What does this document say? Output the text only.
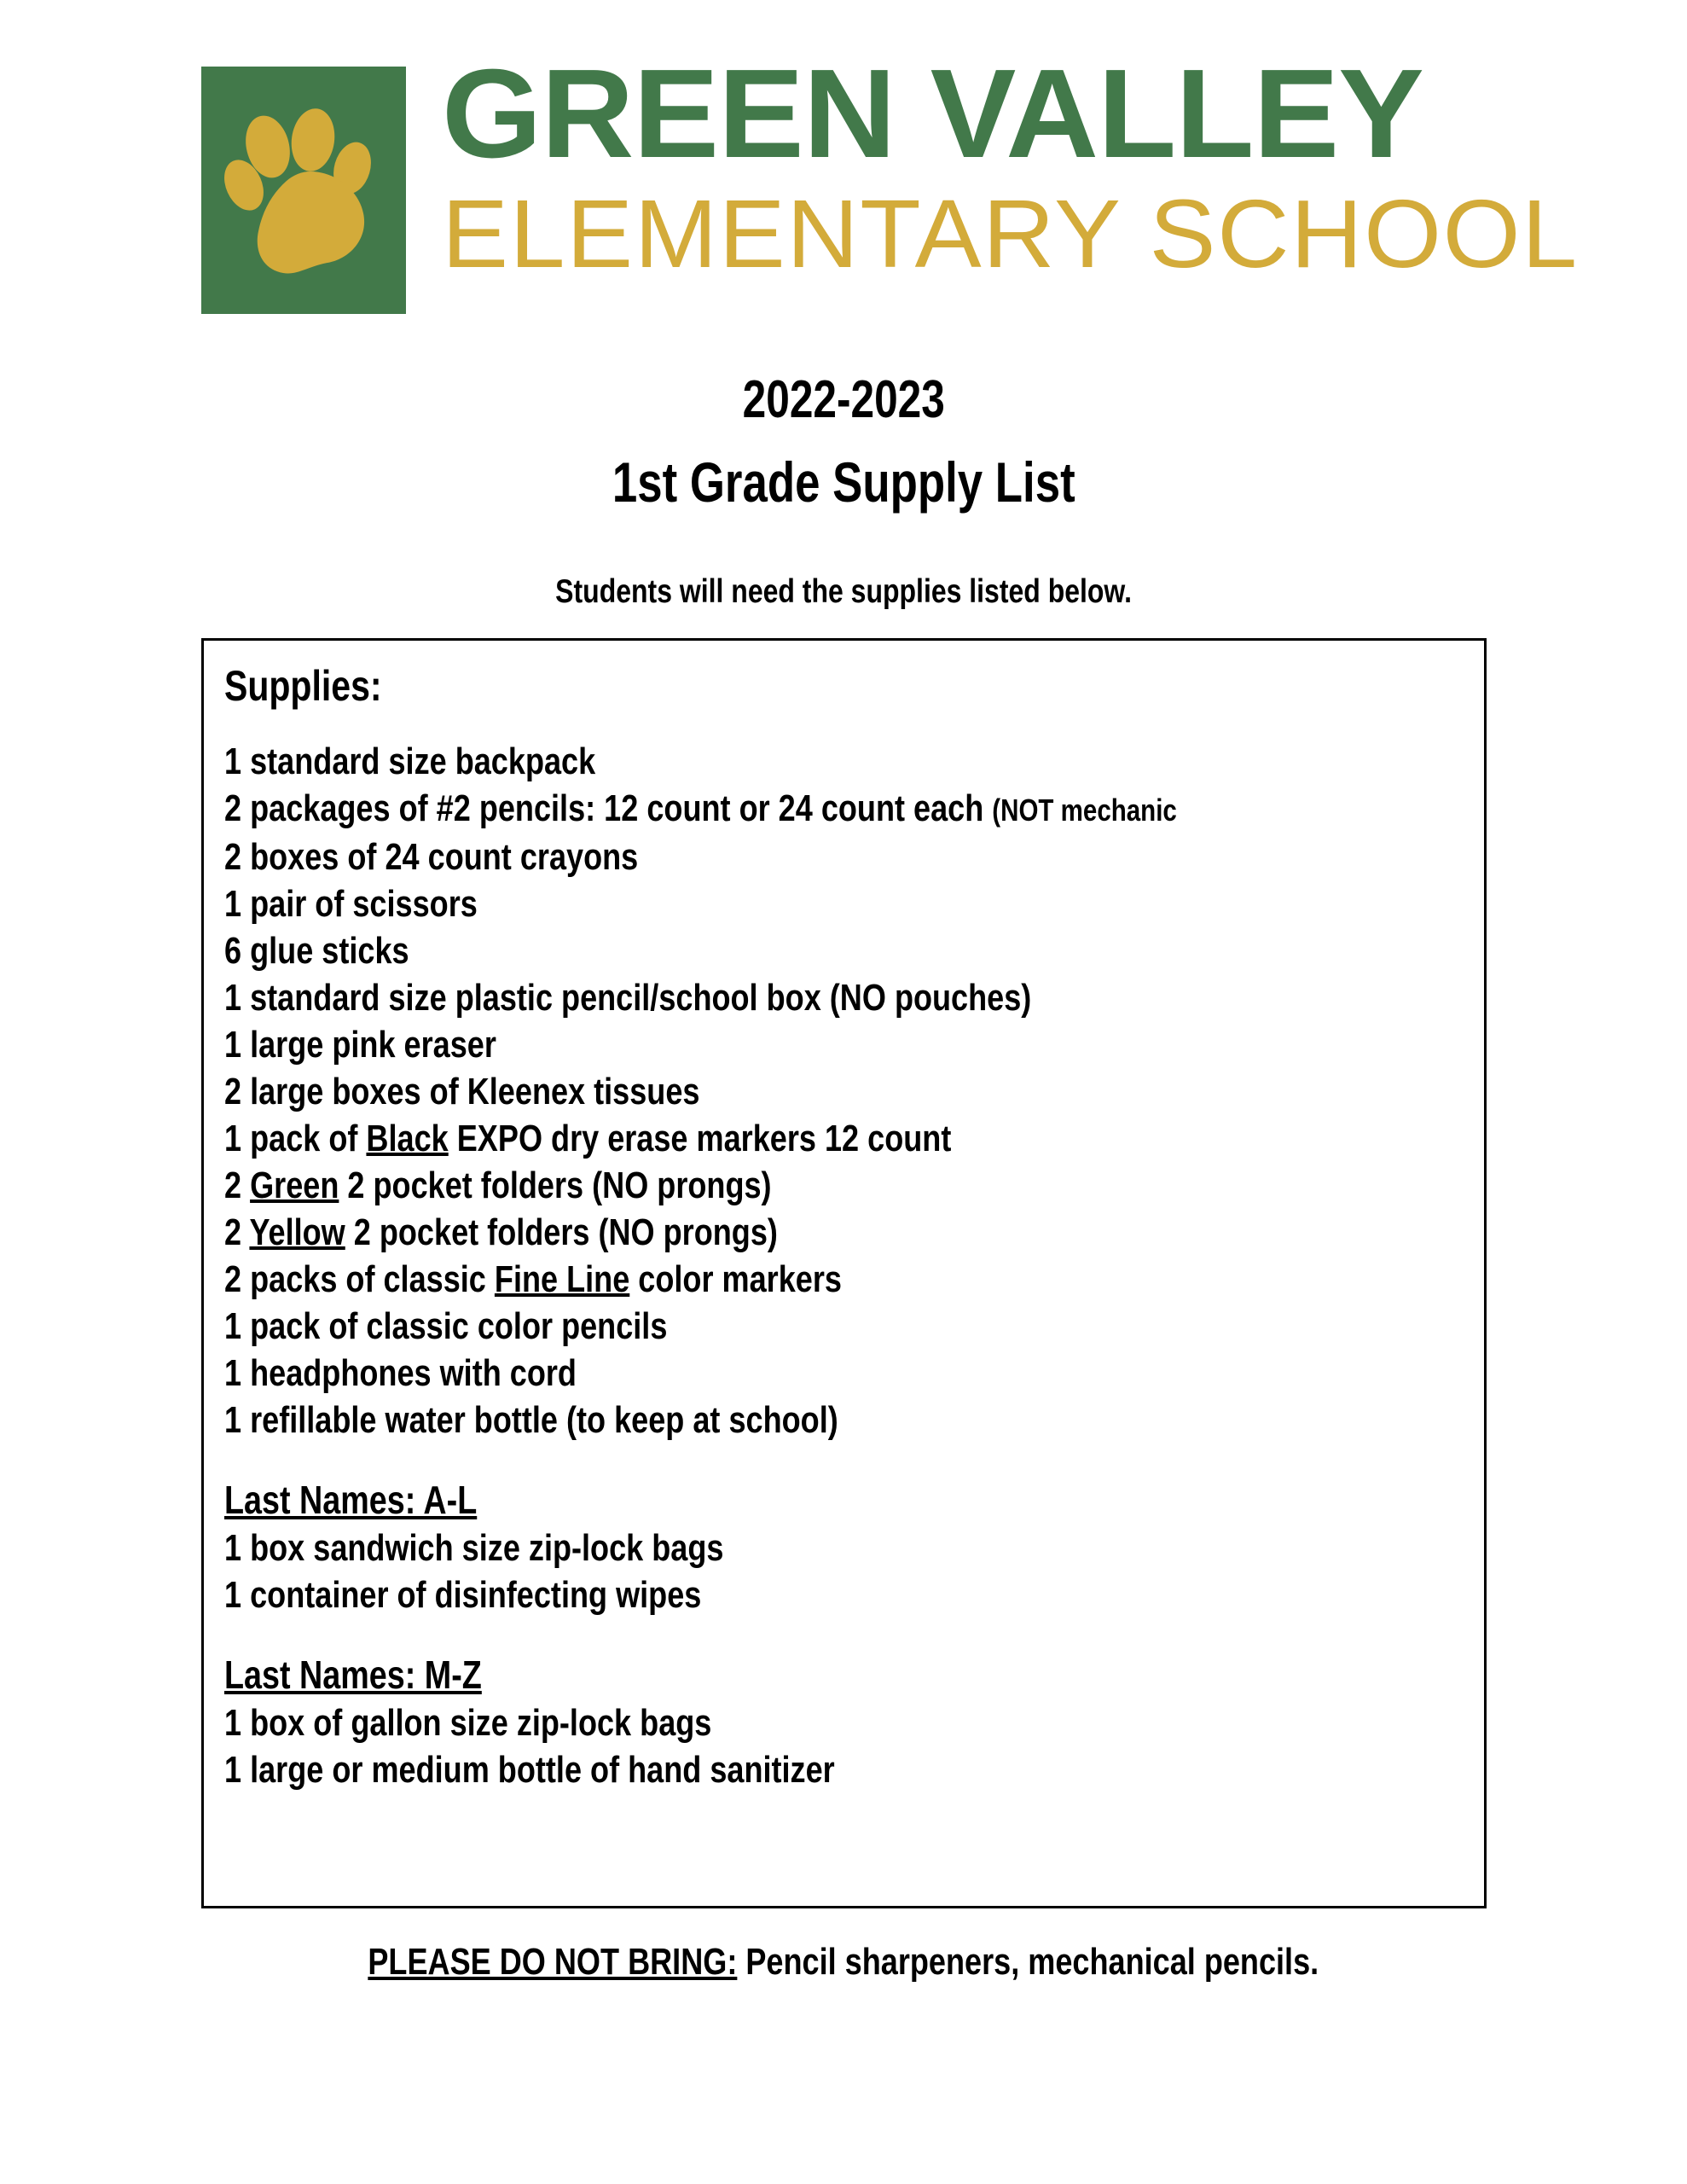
GREEN VALLEY
ELEMENTARY SCHOOL
2022-2023
1st Grade Supply List
Students will need the supplies listed below.
Supplies:
1 standard size backpack
2 packages of #2 pencils: 12 count or 24 count each (NOT mechanic
2 boxes of 24 count crayons
1 pair of scissors
6 glue sticks
1 standard size plastic pencil/school box (NO pouches)
1 large pink eraser
2 large boxes of Kleenex tissues
1 pack of Black EXPO dry erase markers 12 count
2 Green 2 pocket folders (NO prongs)
2 Yellow 2 pocket folders (NO prongs)
2 packs of classic Fine Line color markers
1 pack of classic color pencils
1 headphones with cord
1 refillable water bottle (to keep at school)
Last Names: A-L
1 box sandwich size zip-lock bags
1 container of disinfecting wipes
Last Names: M-Z
1 box of gallon size zip-lock bags
1 large or medium bottle of hand sanitizer
PLEASE DO NOT BRING: Pencil sharpeners, mechanical pencils.
